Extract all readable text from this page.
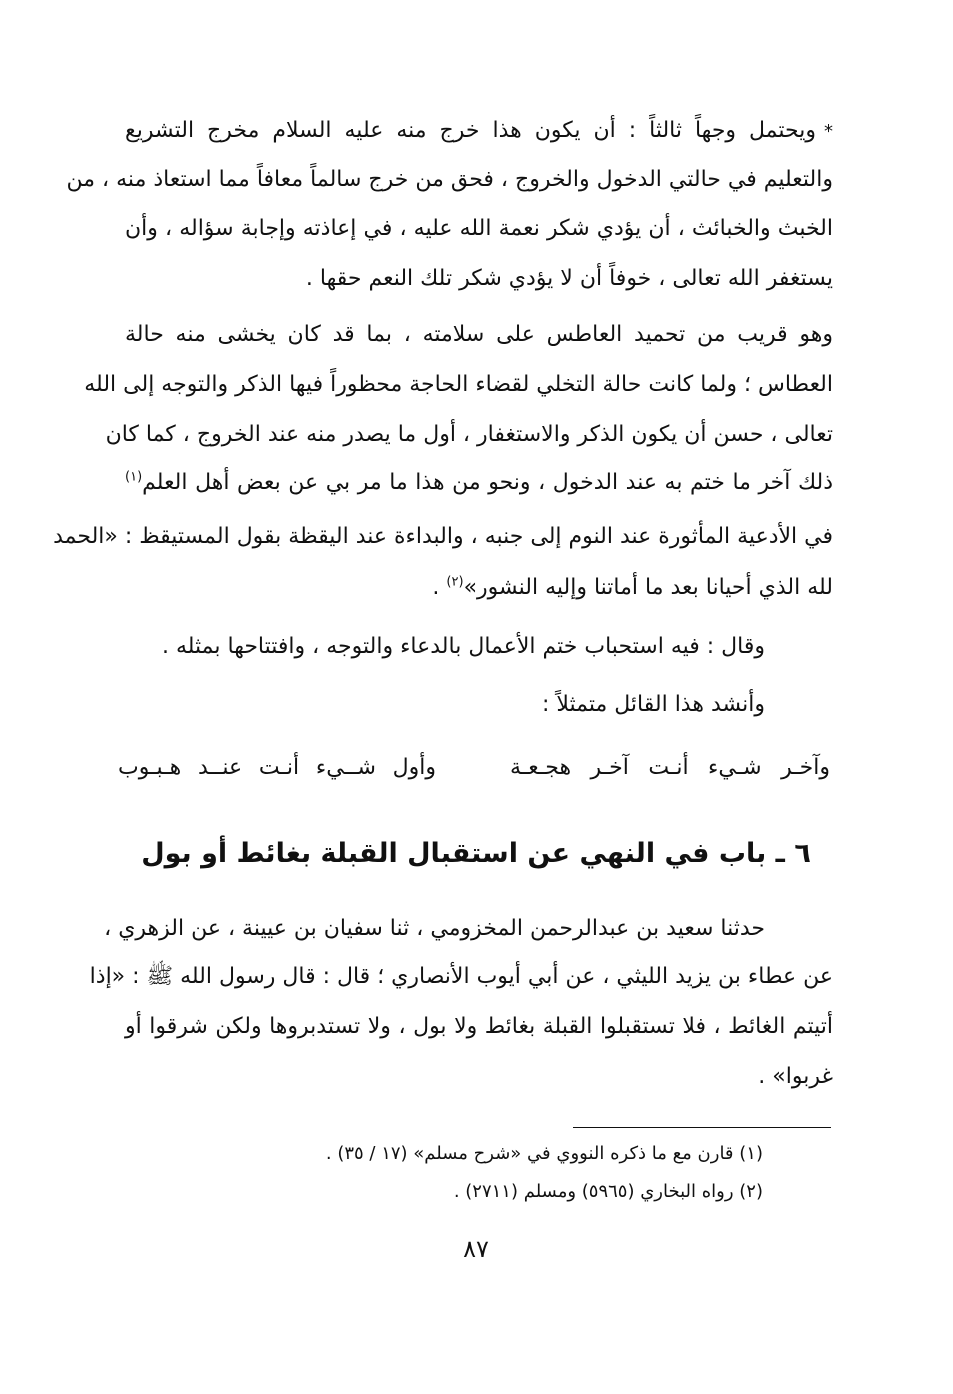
*ويحتمل وجهاً ثالثاً : أن يكون هذا خرج منه عليه السلام مخرج التشريع
والتعليم في حالتي الدخول والخروج ، فحق من خرج سالماً معافاً مما استعاذ منه ، من
الخبث والخبائث ، أن يؤدي شكر نعمة الله عليه ، في إعاذته وإجابة سؤاله ، وأن
يستغفر الله تعالى ، خوفاً أن لا يؤدي شكر تلك النعم حقها .
وهو قريب من تحميد العاطس على سلامته ، بما قد كان يخشى منه حالة
العطاس ؛ ولما كانت حالة التخلي لقضاء الحاجة محظوراً فيها الذكر والتوجه إلى الله
تعالى ، حسن أن يكون الذكر والاستغفار ، أول ما يصدر منه عند الخروج ، كما كان
ذلك آخر ما ختم به عند الدخول ، ونحو من هذا ما مر بي عن بعض أهل العلم$^{(١)}$
في الأدعية المأثورة عند النوم إلى جنبه ، والبداءة عند اليقظة بقول المستيقظ : «الحمد
لله الذي أحيانا بعد ما أماتنا وإليه النشور»$^{(٢)}$ .
وقال : فيه استحباب ختم الأعمال بالدعاء والتوجه ، وافتتاحها بمثله .
وأنشد هذا القائل متمثلاً :
وآخـر شـيء أنـت آخـر هجـعـة
وأول شــيء أنـت عنــد هـبـوب
٦ ـ باب في النهي عن استقبال القبلة بغائط أو بول
حدثنا سعيد بن عبدالرحمن المخزومي ، ثنا سفيان بن عيينة ، عن الزهري ،
عن عطاء بن يزيد الليثي ، عن أبي أيوب الأنصاري ؛ قال : قال رسول الله ﷺ : «إذا
أتيتم الغائط ، فلا تستقبلوا القبلة بغائط ولا بول ، ولا تستدبروها ولكن شرقوا أو
غربوا» .
(١) قارن مع ما ذكره النووي في «شرح مسلم» (١٧ / ٣٥) .
(٢) رواه البخاري (٥٩٦٥) ومسلم (٢٧١١) .
٨٧
